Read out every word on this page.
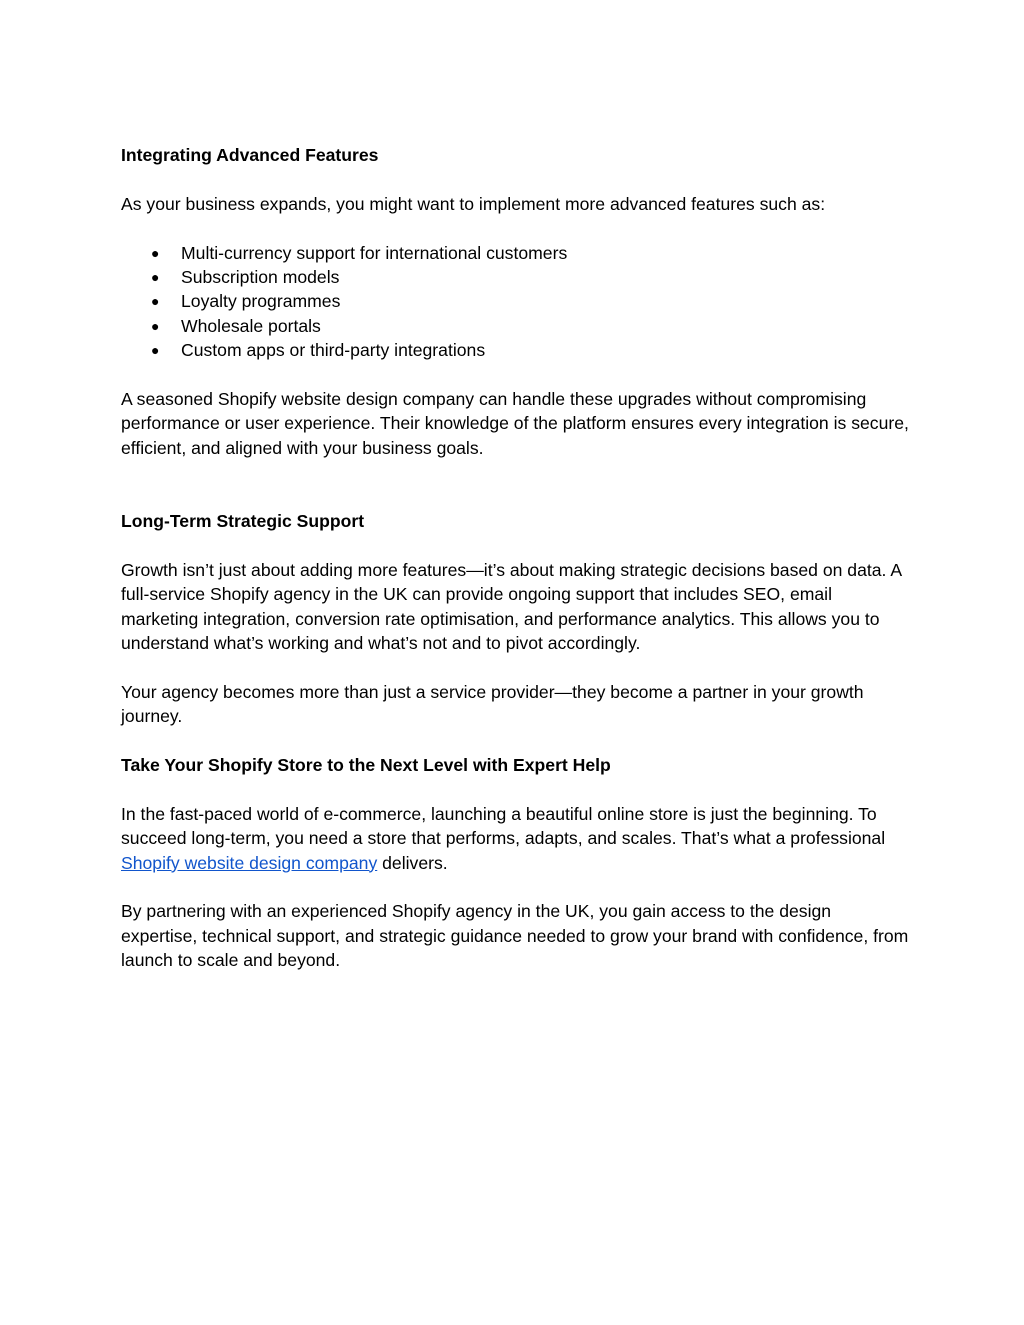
Integrating Advanced Features

As your business expands, you might want to implement more advanced features such as:

● Multi-currency support for international customers
● Subscription models
● Loyalty programmes
● Wholesale portals
● Custom apps or third-party integrations

A seasoned Shopify website design company can handle these upgrades without compromising performance or user experience. Their knowledge of the platform ensures every integration is secure, efficient, and aligned with your business goals.

Long-Term Strategic Support

Growth isn’t just about adding more features—it’s about making strategic decisions based on data. A full-service Shopify agency in the UK can provide ongoing support that includes SEO, email marketing integration, conversion rate optimisation, and performance analytics. This allows you to understand what’s working and what’s not and to pivot accordingly.

Your agency becomes more than just a service provider—they become a partner in your growth journey.

Take Your Shopify Store to the Next Level with Expert Help

In the fast-paced world of e-commerce, launching a beautiful online store is just the beginning. To succeed long-term, you need a store that performs, adapts, and scales. That’s what a professional Shopify website design company delivers.

By partnering with an experienced Shopify agency in the UK, you gain access to the design expertise, technical support, and strategic guidance needed to grow your brand with confidence, from launch to scale and beyond.
